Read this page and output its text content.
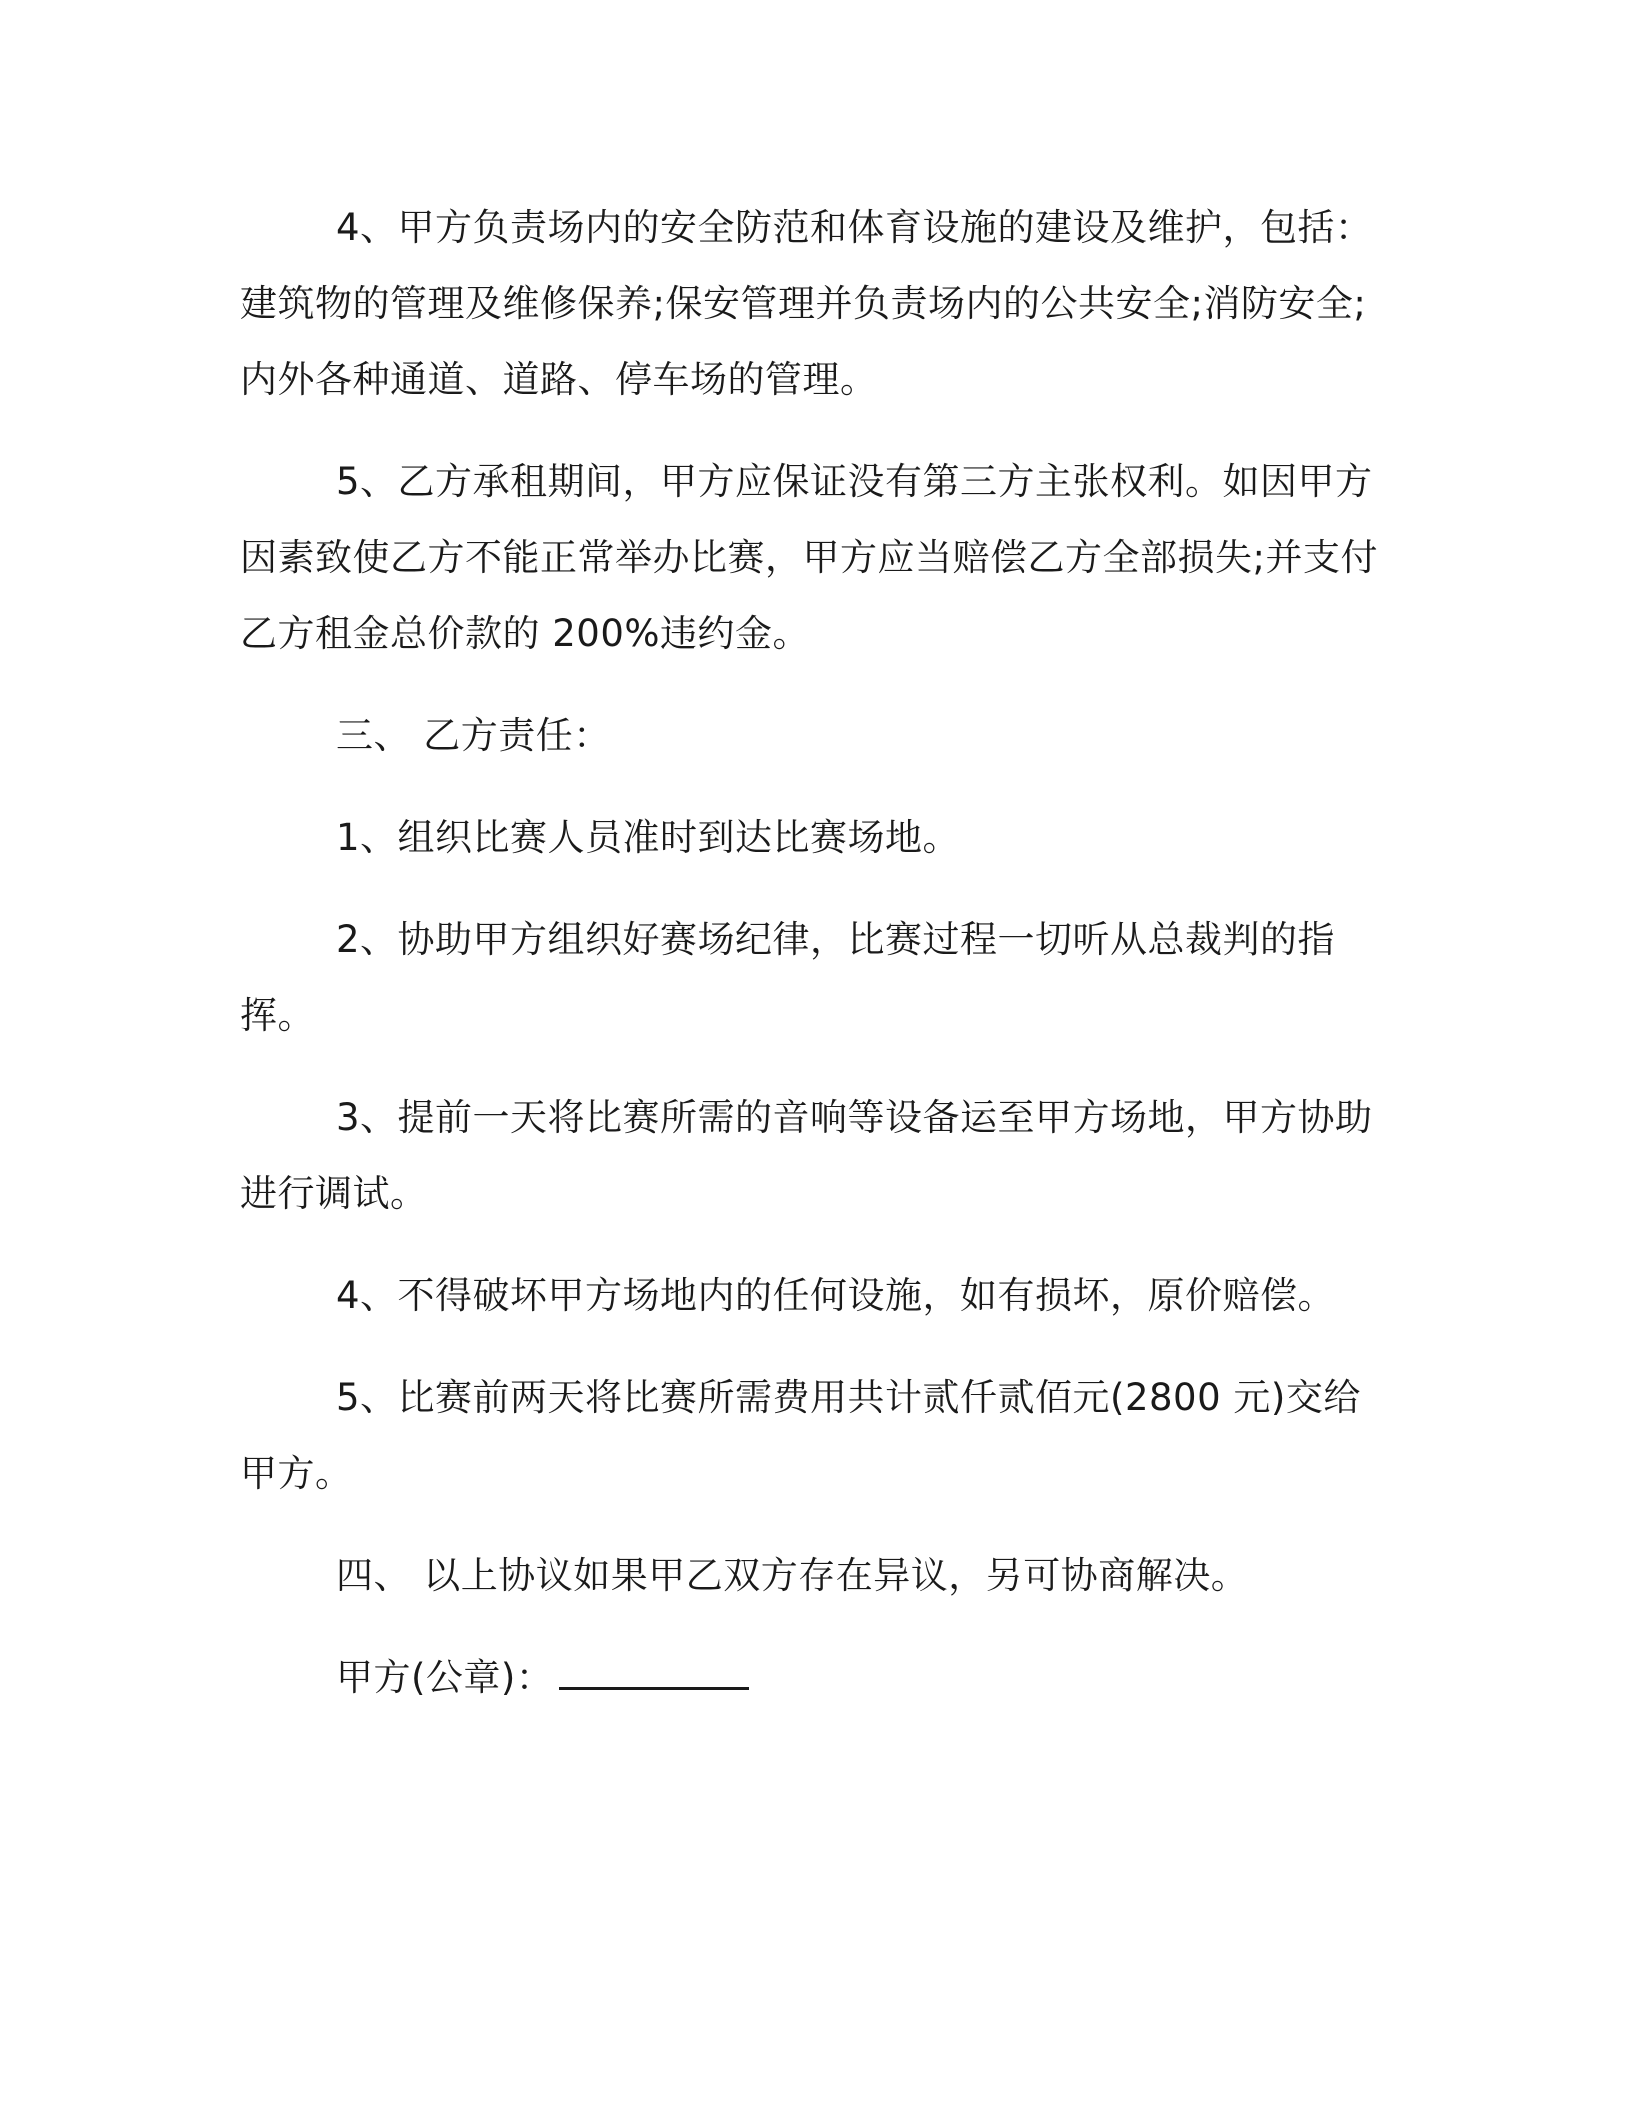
4、甲方负责场内的安全防范和体育设施的建设及维护，包括：建筑物的管理及维修保养;保安管理并负责场内的公共安全;消防安全;内外各种通道、道路、停车场的管理。

5、乙方承租期间，甲方应保证没有第三方主张权利。如因甲方因素致使乙方不能正常举办比赛，甲方应当赔偿乙方全部损失;并支付乙方租金总价款的 200%违约金。

三、 乙方责任：

1、组织比赛人员准时到达比赛场地。

2、协助甲方组织好赛场纪律，比赛过程一切听从总裁判的指挥。

3、提前一天将比赛所需的音响等设备运至甲方场地，甲方协助进行调试。

4、不得破坏甲方场地内的任何设施，如有损坏，原价赔偿。

5、比赛前两天将比赛所需费用共计贰仟贰佰元(2800 元)交给甲方。

四、 以上协议如果甲乙双方存在异议，另可协商解决。

甲方(公章)：
